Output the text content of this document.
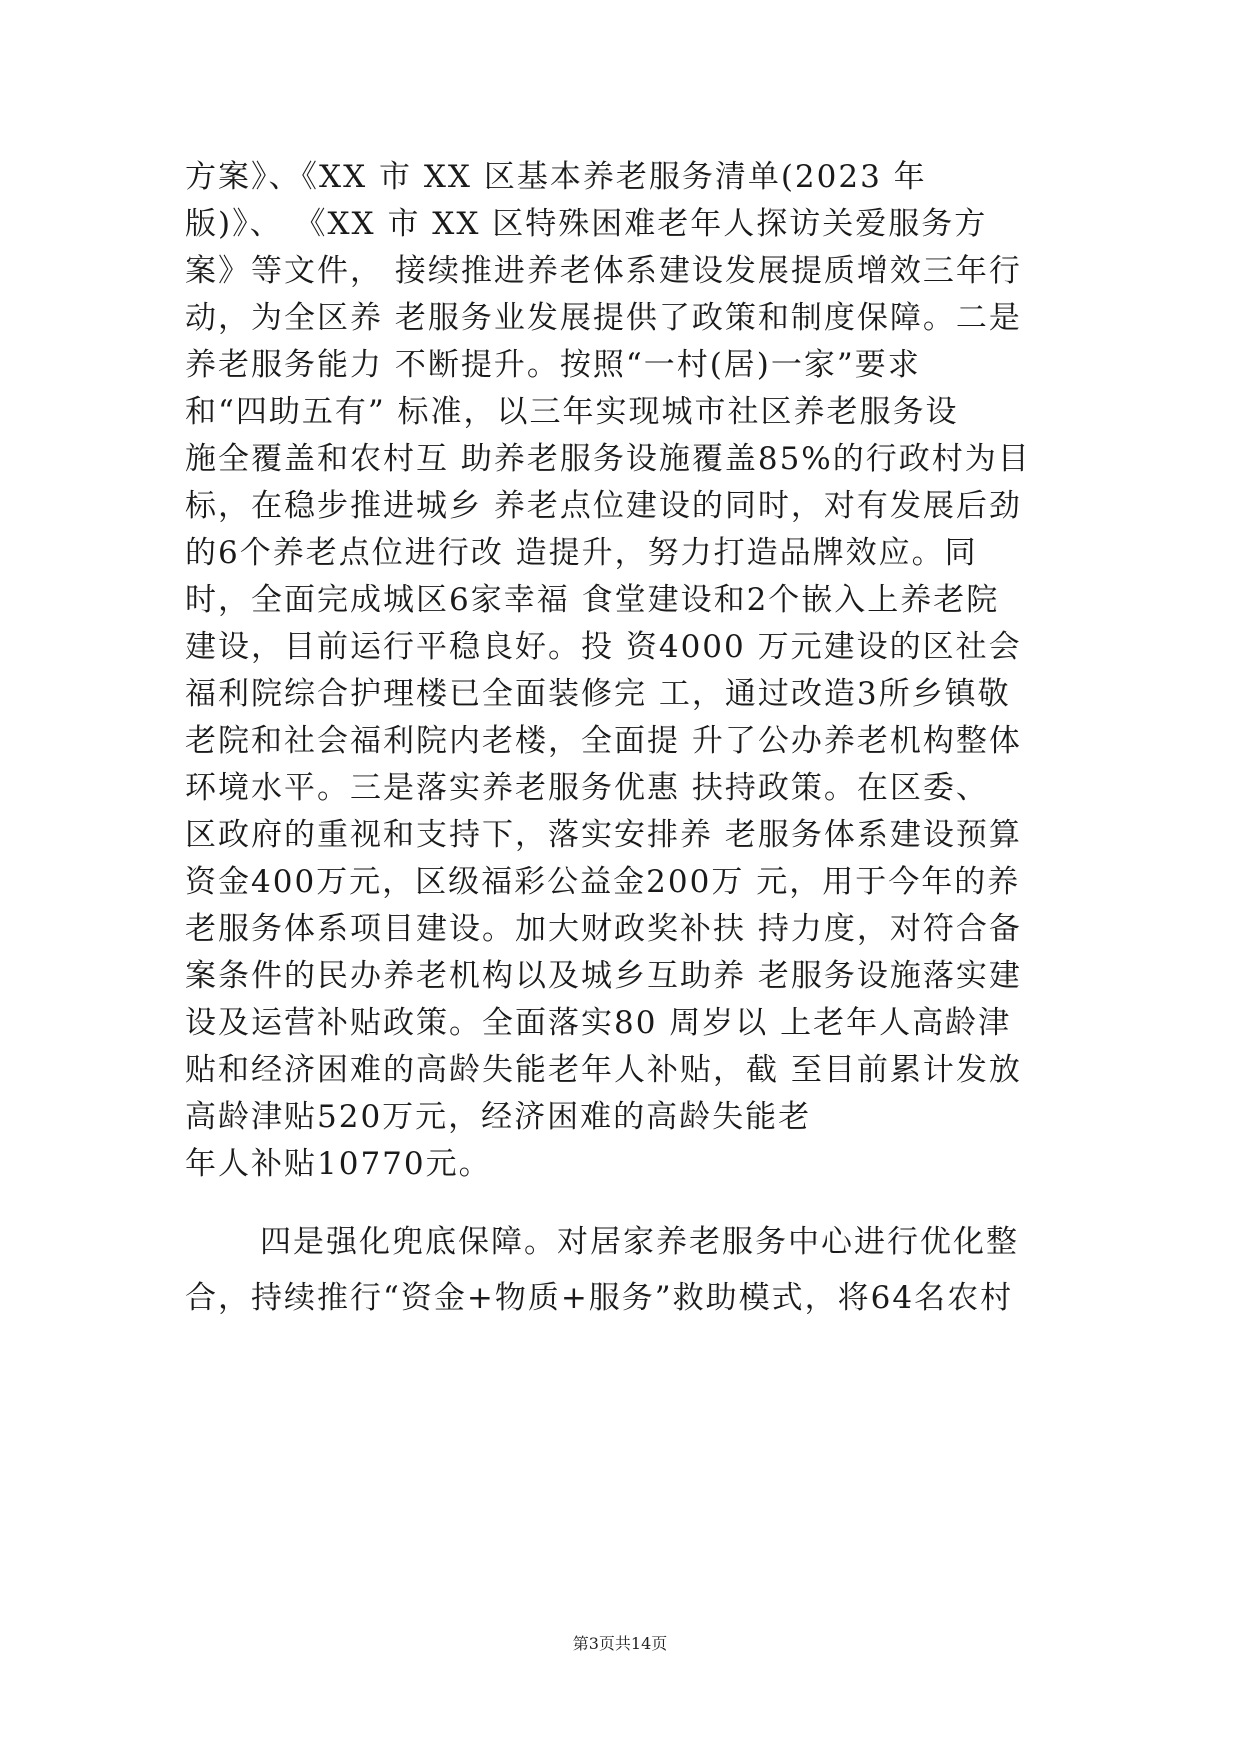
方案》、《XX 市 XX 区基本养老服务清单(2023 年
版)》、 《XX 市 XX 区特殊困难老年人探访关爱服务方
案》等文件， 接续推进养老体系建设发展提质增效三年行
动，为全区养 老服务业发展提供了政策和制度保障。二是
养老服务能力 不断提升。按照“一村(居)一家”要求
和“四助五有” 标准，以三年实现城市社区养老服务设
施全覆盖和农村互 助养老服务设施覆盖85%的行政村为目
标，在稳步推进城乡 养老点位建设的同时，对有发展后劲
的6个养老点位进行改 造提升，努力打造品牌效应。同
时，全面完成城区6家幸福 食堂建设和2个嵌入上养老院
建设，目前运行平稳良好。投 资4000 万元建设的区社会
福利院综合护理楼已全面装修完 工，通过改造3所乡镇敬
老院和社会福利院内老楼，全面提 升了公办养老机构整体
环境水平。三是落实养老服务优惠 扶持政策。在区委、
区政府的重视和支持下，落实安排养 老服务体系建设预算
资金400万元，区级福彩公益金200万 元，用于今年的养
老服务体系项目建设。加大财政奖补扶 持力度，对符合备
案条件的民办养老机构以及城乡互助养 老服务设施落实建
设及运营补贴政策。全面落实80 周岁以 上老年人高龄津
贴和经济困难的高龄失能老年人补贴，截 至目前累计发放
高龄津贴520万元，经济困难的高龄失能老
年人补贴10770元。
四是强化兜底保障。对居家养老服务中心进行优化整
合，持续推行“资金+物质+服务”救助模式，将64名农村
第3页共14页
